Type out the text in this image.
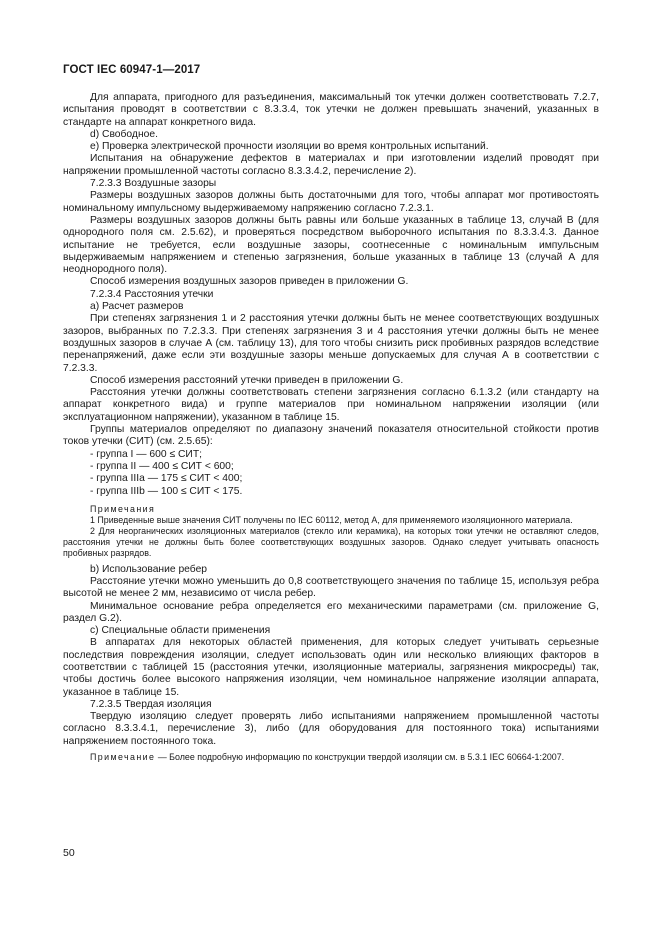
ГОСТ IEC 60947-1—2017

Для аппарата, пригодного для разъединения, максимальный ток утечки должен соответствовать 7.2.7, испытания проводят в соответствии с 8.3.3.4, ток утечки не должен превышать значений, указанных в стандарте на аппарат конкретного вида.

d) Свободное.

e) Проверка электрической прочности изоляции во время контрольных испытаний.

Испытания на обнаружение дефектов в материалах и при изготовлении изделий проводят при напряжении промышленной частоты согласно 8.3.3.4.2, перечисление 2).

7.2.3.3 Воздушные зазоры

Размеры воздушных зазоров должны быть достаточными для того, чтобы аппарат мог противостоять номинальному импульсному выдерживаемому напряжению согласно 7.2.3.1.

Размеры воздушных зазоров должны быть равны или больше указанных в таблице 13, случай В (для однородного поля см. 2.5.62), и проверяться посредством выборочного испытания по 8.3.3.4.3. Данное испытание не требуется, если воздушные зазоры, соотнесенные с номинальным импульсным выдерживаемым напряжением и степенью загрязнения, больше указанных в таблице 13 (случай А для неоднородного поля).

Способ измерения воздушных зазоров приведен в приложении G.

7.2.3.4 Расстояния утечки

а) Расчет размеров

При степенях загрязнения 1 и 2 расстояния утечки должны быть не менее соответствующих воздушных зазоров, выбранных по 7.2.3.3. При степенях загрязнения 3 и 4 расстояния утечки должны быть не менее воздушных зазоров в случае А (см. таблицу 13), для того чтобы снизить риск пробивных разрядов вследствие перенапряжений, даже если эти воздушные зазоры меньше допускаемых для случая А в соответствии с 7.2.3.3.

Способ измерения расстояний утечки приведен в приложении G.

Расстояния утечки должны соответствовать степени загрязнения согласно 6.1.3.2 (или стандарту на аппарат конкретного вида) и группе материалов при номинальном напряжении изоляции (или эксплуатационном напряжении), указанном в таблице 15.

Группы материалов определяют по диапазону значений показателя относительной стойкости против токов утечки (СИТ) (см. 2.5.65):

- группа I — 600 ≤ СИТ;

- группа II — 400 ≤ СИТ < 600;

- группа IIIa — 175 ≤ СИТ < 400;

- группа IIIb — 100 ≤ СИТ < 175.

Примечания

1 Приведенные выше значения СИТ получены по IEC 60112, метод А, для применяемого изоляционного материала.

2 Для неорганических изоляционных материалов (стекло или керамика), на которых токи утечки не оставляют следов, расстояния утечки не должны быть более соответствующих воздушных зазоров. Однако следует учитывать опасность пробивных разрядов.

b) Использование ребер

Расстояние утечки можно уменьшить до 0,8 соответствующего значения по таблице 15, используя ребра высотой не менее 2 мм, независимо от числа ребер.

Минимальное основание ребра определяется его механическими параметрами (см. приложение G, раздел G.2).

c) Специальные области применения

В аппаратах для некоторых областей применения, для которых следует учитывать серьезные последствия повреждения изоляции, следует использовать один или несколько влияющих факторов в соответствии с таблицей 15 (расстояния утечки, изоляционные материалы, загрязнения микросреды) так, чтобы достичь более высокого напряжения изоляции, чем номинальное напряжение изоляции аппарата, указанное в таблице 15.

7.2.3.5 Твердая изоляция

Твердую изоляцию следует проверять либо испытаниями напряжением промышленной частоты согласно 8.3.3.4.1, перечисление 3), либо (для оборудования для постоянного тока) испытаниями напряжением постоянного тока.

Примечание — Более подробную информацию по конструкции твердой изоляции см. в 5.3.1 IEC 60664-1:2007.

50
